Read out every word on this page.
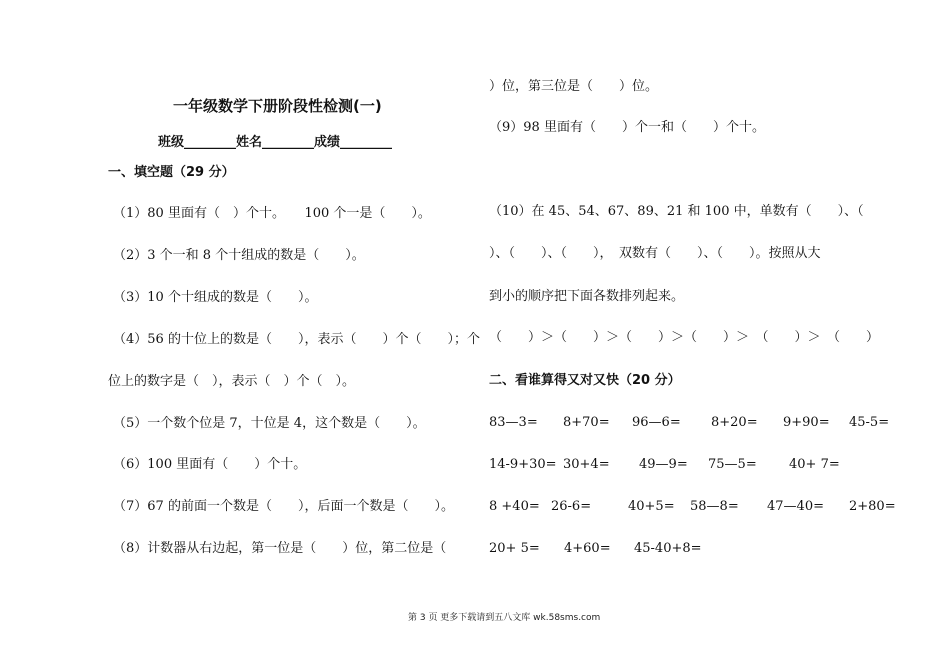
一年级数学下册阶段性检测(一)
班级________姓名________成绩________
一、填空题（29 分）
（1）80 里面有（　）个十。　　100 个一是（　　）。
（2）3 个一和 8 个十组成的数是（　　）。
（3）10 个十组成的数是（　　）。
（4）56 的十位上的数是（　　），表示（　　）个（　　）；个
位上的数字是（　），表示（　）个（　）。
（5）一个数个位是 7，十位是 4，这个数是（　　）。
（6）100 里面有（　　）个十。
（7）67 的前面一个数是（　　），后面一个数是（　　）。
（8）计数器从右边起，第一位是（　　）位，第二位是（
）位，第三位是（　　）位。
（9）98 里面有（　　）个一和（　　）个十。
（10）在 45、54、67、89、21 和 100 中，单数有（　　）、（
）、（　　）、（　　），　双数有（　　）、（　　）。按照从大
到小的顺序把下面各数排列起来。
（　　）＞（　　）＞（　　）＞（　　）＞　（　　）＞　（　　）
二、看谁算得又对又快（20 分）
83—3= 8+70= 96—6= 8+20= 9+90= 45-5=
14-9+30= 30+4= 49—9= 75—5= 40+ 7=
8 +40= 26-6=	40+5= 58—8= 47—40= 2+80=
20+ 5= 4+60= 45-40+8=
第 3 页 更多下载请到五八文库 wk.58sms.com
